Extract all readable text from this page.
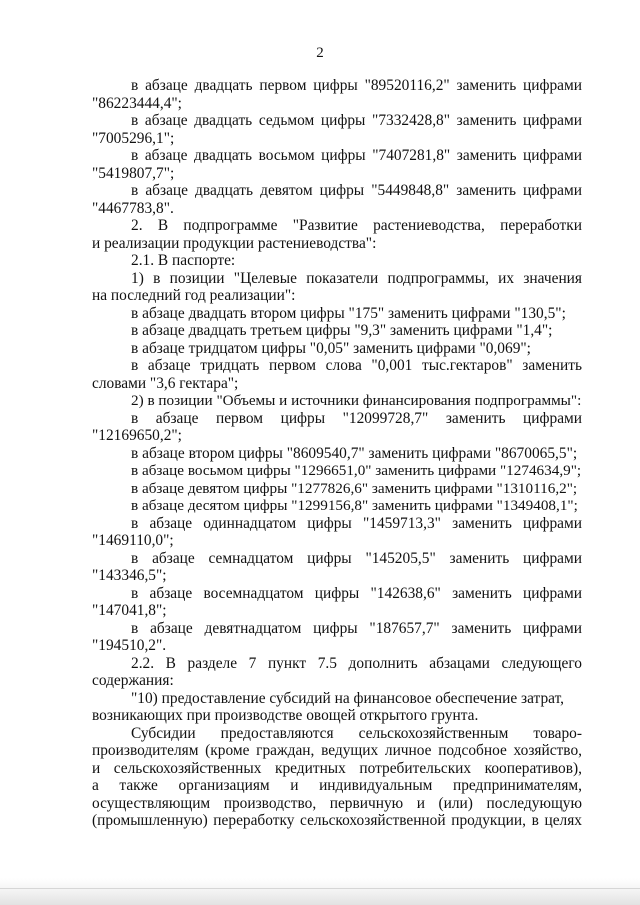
2
в абзаце двадцать первом цифры "89520116,2" заменить цифрами
"86223444,4";
в абзаце двадцать седьмом цифры "7332428,8" заменить цифрами
"7005296,1";
в абзаце двадцать восьмом цифры "7407281,8" заменить цифрами
"5419807,7";
в абзаце двадцать девятом цифры "5449848,8" заменить цифрами
"4467783,8".
2. В подпрограмме "Развитие растениеводства, переработки
и реализации продукции растениеводства":
2.1. В паспорте:
1) в позиции "Целевые показатели подпрограммы, их значения
на последний год реализации":
в абзаце двадцать втором цифры "175" заменить цифрами "130,5";
в абзаце двадцать третьем цифры "9,3" заменить цифрами "1,4";
в абзаце тридцатом цифры "0,05" заменить цифрами "0,069";
в абзаце тридцать первом слова "0,001 тыс.гектаров" заменить
словами "3,6 гектара";
2) в позиции "Объемы и источники финансирования подпрограммы":
в абзаце первом цифры "12099728,7" заменить цифрами
"12169650,2";
в абзаце втором цифры "8609540,7" заменить цифрами "8670065,5";
в абзаце восьмом цифры "1296651,0" заменить цифрами "1274634,9";
в абзаце девятом цифры "1277826,6" заменить цифрами "1310116,2";
в абзаце десятом цифры "1299156,8" заменить цифрами "1349408,1";
в абзаце одиннадцатом цифры "1459713,3" заменить цифрами
"1469110,0";
в абзаце семнадцатом цифры "145205,5" заменить цифрами
"143346,5";
в абзаце восемнадцатом цифры "142638,6" заменить цифрами
"147041,8";
в абзаце девятнадцатом цифры "187657,7" заменить цифрами
"194510,2".
2.2. В разделе 7 пункт 7.5 дополнить абзацами следующего
содержания:
"10) предоставление субсидий на финансовое обеспечение затрат,
возникающих при производстве овощей открытого грунта.
Субсидии предоставляются сельскохозяйственным товаро-
производителям (кроме граждан, ведущих личное подсобное хозяйство,
и сельскохозяйственных кредитных потребительских кооперативов),
а также организациям и индивидуальным предпринимателям,
осуществляющим производство, первичную и (или) последующую
(промышленную) переработку сельскохозяйственной продукции, в целях
